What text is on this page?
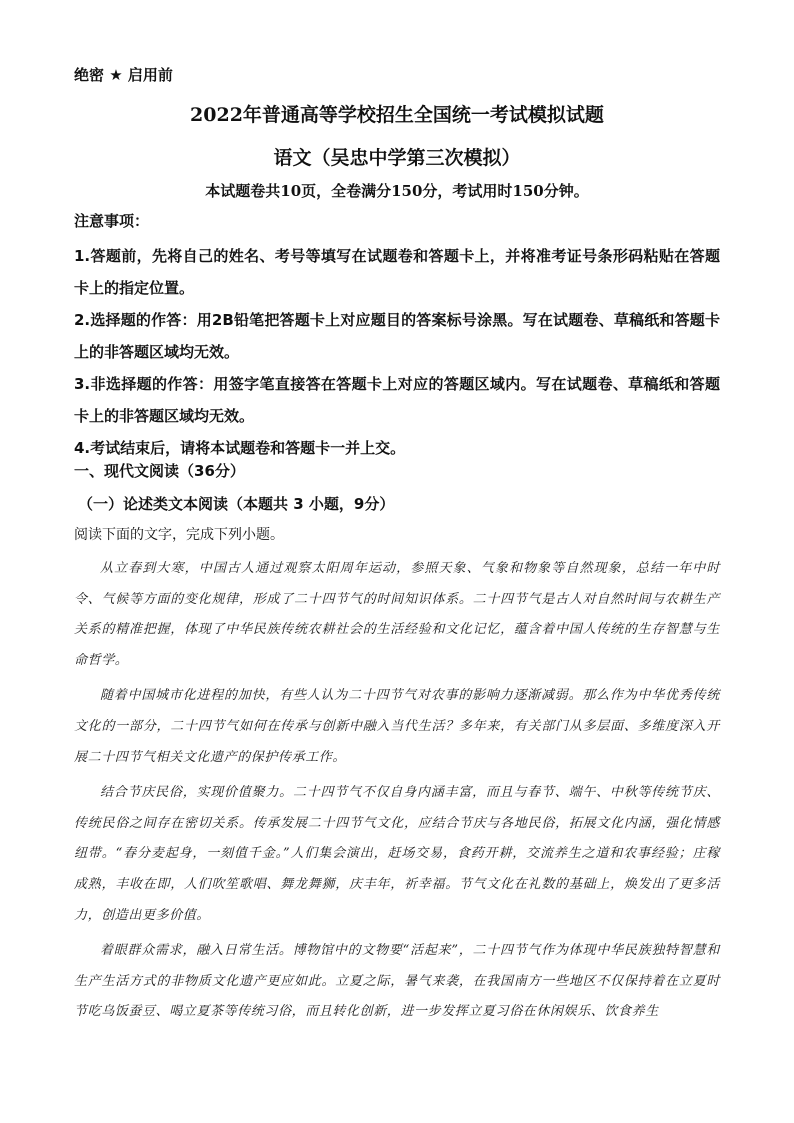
绝密 ★ 启用前
2022年普通高等学校招生全国统一考试模拟试题
语文（吴忠中学第三次模拟）
本试题卷共10页，全卷满分150分，考试用时150分钟。
注意事项：

1.答题前，先将自己的姓名、考号等填写在试题卷和答题卡上，并将准考证号条形码粘贴在答题卡上的指定位置。

2.选择题的作答：用2B铅笔把答题卡上对应题目的答案标号涂黑。写在试题卷、草稿纸和答题卡上的非答题区域均无效。

3.非选择题的作答：用签字笔直接答在答题卡上对应的答题区域内。写在试题卷、草稿纸和答题卡上的非答题区域均无效。

4.考试结束后，请将本试题卷和答题卡一并上交。

一、现代文阅读（36分）
（一）论述类文本阅读（本题共 3 小题，9分）
阅读下面的文字，完成下列小题。

从立春到大寒，中国古人通过观察太阳周年运动，参照天象、气象和物象等自然现象，总结一年中时令、气候等方面的变化规律，形成了二十四节气的时间知识体系。二十四节气是古人对自然时间与农耕生产关系的精准把握，体现了中华民族传统农耕社会的生活经验和文化记忆，蕴含着中国人传统的生存智慧与生命哲学。

随着中国城市化进程的加快，有些人认为二十四节气对农事的影响力逐渐减弱。那么作为中华优秀传统文化的一部分，二十四节气如何在传承与创新中融入当代生活？多年来，有关部门从多层面、多维度深入开展二十四节气相关文化遗产的保护传承工作。

结合节庆民俗，实现价值聚力。二十四节气不仅自身内涵丰富，而且与春节、端午、中秋等传统节庆、传统民俗之间存在密切关系。传承发展二十四节气文化，应结合节庆与各地民俗，拓展文化内涵，强化情感纽带。“春分麦起身，一刻值千金。”人们集会演出，赶场交易，食药开耕，交流养生之道和农事经验；庄稼成熟，丰收在即，人们吹笙歌唱、舞龙舞狮，庆丰年，祈幸福。节气文化在礼数的基础上，焕发出了更多活力，创造出更多价值。

着眼群众需求，融入日常生活。博物馆中的文物要“活起来”，二十四节气作为体现中华民族独特智慧和生产生活方式的非物质文化遗产更应如此。立夏之际，暑气来袭，在我国南方一些地区不仅保持着在立夏时节吃乌饭蚕豆、喝立夏茶等传统习俗，而且转化创新，进一步发挥立夏习俗在休闲娱乐、饮食养生
